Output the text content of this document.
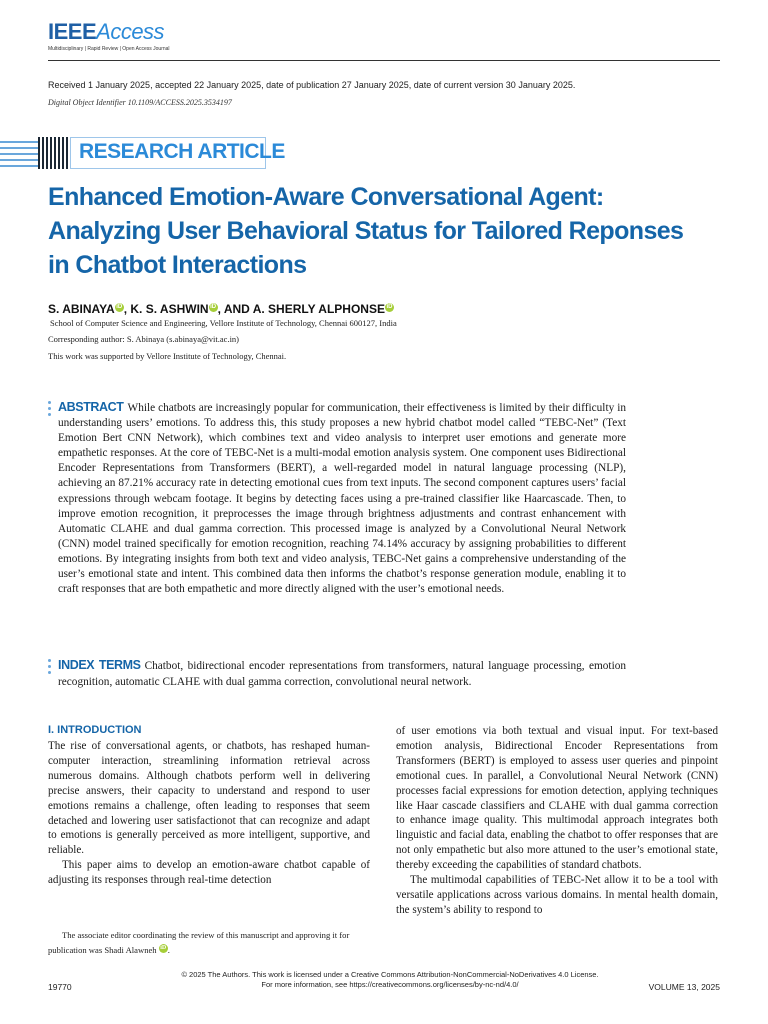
IEEEAccess
Multidisciplinary | Rapid Review | Open Access Journal
Received 1 January 2025, accepted 22 January 2025, date of publication 27 January 2025, date of current version 30 January 2025.
Digital Object Identifier 10.1109/ACCESS.2025.3534197
RESEARCH ARTICLE
Enhanced Emotion-Aware Conversational Agent: Analyzing User Behavioral Status for Tailored Reponses in Chatbot Interactions
S. ABINAYA iD , K. S. ASHWIN iD , AND A. SHERLY ALPHONSE iD
School of Computer Science and Engineering, Vellore Institute of Technology, Chennai 600127, India
Corresponding author: S. Abinaya (s.abinaya@vit.ac.in)
This work was supported by Vellore Institute of Technology, Chennai.
ABSTRACT While chatbots are increasingly popular for communication, their effectiveness is limited by their difficulty in understanding users’ emotions. To address this, this study proposes a new hybrid chatbot model called “TEBC-Net” (Text Emotion Bert CNN Network), which combines text and video analysis to interpret user emotions and generate more empathetic responses. At the core of TEBC-Net is a multi-modal emotion analysis system. One component uses Bidirectional Encoder Representations from Transformers (BERT), a well-regarded model in natural language processing (NLP), achieving an 87.21% accuracy rate in detecting emotional cues from text inputs. The second component captures users’ facial expressions through webcam footage. It begins by detecting faces using a pre-trained classifier like Haarcascade. Then, to improve emotion recognition, it preprocesses the image through brightness adjustments and contrast enhancement with Automatic CLAHE and dual gamma correction. This processed image is analyzed by a Convolutional Neural Network (CNN) model trained specifically for emotion recognition, reaching 74.14% accuracy by assigning probabilities to different emotions. By integrating insights from both text and video analysis, TEBC-Net gains a comprehensive understanding of the user’s emotional state and intent. This combined data then informs the chatbot’s response generation module, enabling it to craft responses that are both empathetic and more directly aligned with the user’s emotional needs.
INDEX TERMS Chatbot, bidirectional encoder representations from transformers, natural language processing, emotion recognition, automatic CLAHE with dual gamma correction, convolutional neural network.
I. INTRODUCTION

The rise of conversational agents, or chatbots, has reshaped human-computer interaction, streamlining information retrieval across numerous domains. Although chatbots perform well in delivering precise answers, their capacity to understand and respond to user emotions remains a challenge, often leading to responses that seem detached and lowering user satisfactionot that can recognize and adapt to emotions is generally perceived as more intelligent, supportive, and reliable.

This paper aims to develop an emotion-aware chatbot capable of adjusting its responses through real-time detection

of user emotions via both textual and visual input. For text-based emotion analysis, Bidirectional Encoder Representations from Transformers (BERT) is employed to assess user queries and pinpoint emotional cues. In parallel, a Convolutional Neural Network (CNN) processes facial expressions for emotion detection, applying techniques like Haar cascade classifiers and CLAHE with dual gamma correction to enhance image quality. This multimodal approach integrates both linguistic and facial data, enabling the chatbot to offer responses that are not only empathetic but also more attuned to the user’s emotional state, thereby exceeding the capabilities of standard chatbots.

The multimodal capabilities of TEBC-Net allow it to be a tool with versatile applications across various domains. In mental health domain, the system’s ability to respond to

The associate editor coordinating the review of this manuscript and approving it for publication was Shadi Alawneh iD .
© 2025 The Authors. This work is licensed under a Creative Commons Attribution-NonCommercial-NoDerivatives 4.0 License.
For more information, see https://creativecommons.org/licenses/by-nc-nd/4.0/
19770	VOLUME 13, 2025
